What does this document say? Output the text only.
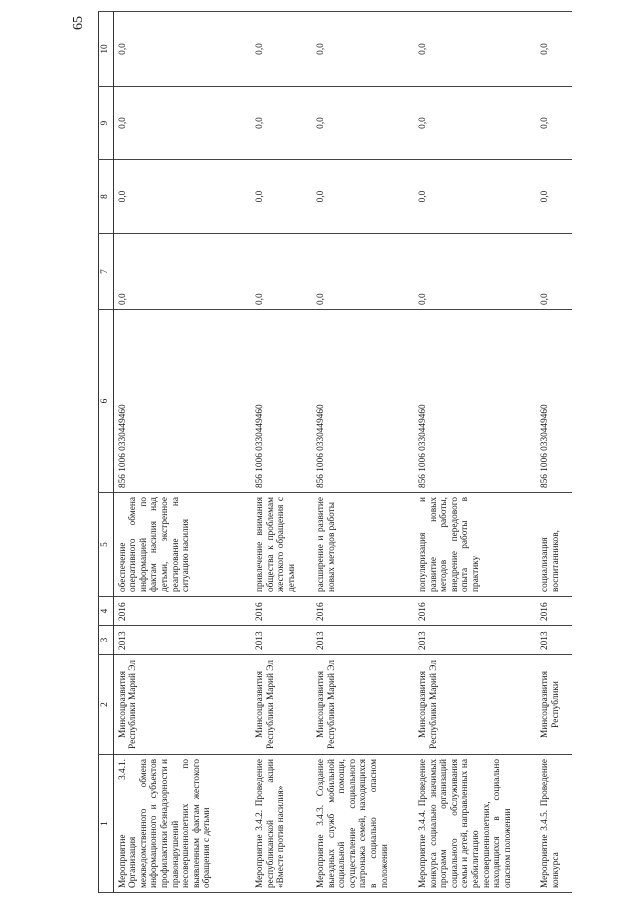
65
1	2	3	4	5	6	7	8	9	10
Мероприятие 3.4.1. Организация межведомственного обмена информационного и субъектов профилактики безнадзорности и правонарушений несовершеннолетних по выявленным фактам жестокого обращения с детьми	Минсоцразвития Республики Марий Эл	2013	2016	обеспечение оперативного обмена информацией по фактам насилия над детьми, экстренное реагирование на ситуацию насилия	856 1006 0330449460	0,0	0,0	0,0	0,0
Мероприятие 3.4.2. Проведение республиканской акции «Вместе против насилия»	Минсоцразвития Республики Марий Эл	2013	2016	привлечение внимания общества к проблемам жестокого обращения с детьми	856 1006 0330449460	0,0	0,0	0,0	0,0
Мероприятие 3.4.3. Создание выездных служб мобильной социальной помощи, осуществление социального патронажа семей, находящихся в социально опасном положении	Минсоцразвития Республики Марий Эл	2013	2016	расширение и развитие новых методов работы	856 1006 0330449460	0,0	0,0	0,0	0,0
Мероприятие 3.4.4. Проведение конкурса социально значимых программ организаций социального обслуживания семьи и детей, направленных на реабилитацию несовершеннолетних, находящихся в социально опасном положении	Минсоцразвития Республики Марий Эл	2013	2016	популяризация и развитие новых методов работы, внедрение передового опыта работы в практику	856 1006 0330449460	0,0	0,0	0,0	0,0
Мероприятие 3.4.5. Проведение конкурса	Минсоцразвития Республики	2013	2016	социализация воспитанников,	856 1006 0330449460	0,0	0,0	0,0	0,0
